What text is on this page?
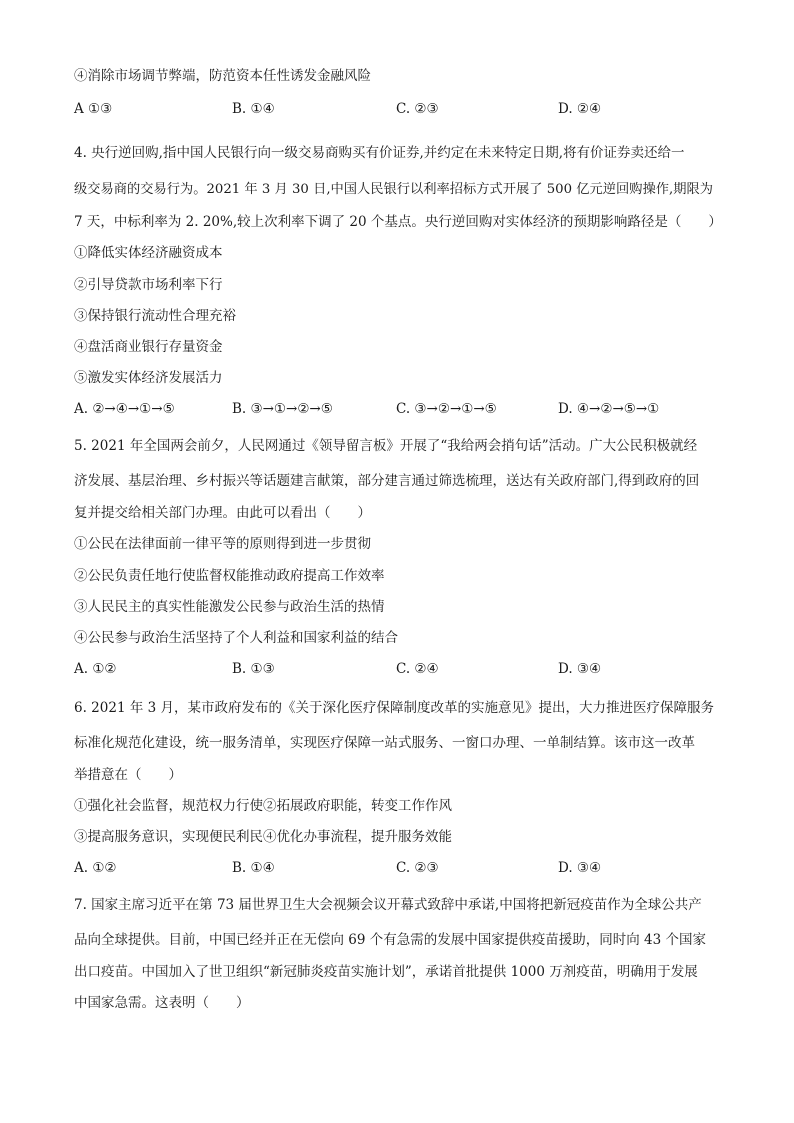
④消除市场调节弊端，防范资本任性诱发金融风险
A ①③	B. ①④	C. ②③	D. ②④
4. 央行逆回购,指中国人民银行向一级交易商购买有价证券,并约定在未来特定日期,将有价证券卖还给一
级交易商的交易行为。2021 年 3 月 30 日,中国人民银行以利率招标方式开展了 500 亿元逆回购操作,期限为
7 天，中标利率为 2. 20%,较上次利率下调了 20 个基点。央行逆回购对实体经济的预期影响路径是（　　）
①降低实体经济融资成本
②引导贷款市场利率下行
③保持银行流动性合理充裕
④盘活商业银行存量资金
⑤激发实体经济发展活力
A. ②→④→①→⑤	B. ③→①→②→⑤	C. ③→②→①→⑤	D. ④→②→⑤→①
5. 2021 年全国两会前夕，人民网通过《领导留言板》开展了“我给两会捎句话”活动。广大公民积极就经
济发展、基层治理、乡村振兴等话题建言献策，部分建言通过筛选梳理，送达有关政府部门,得到政府的回
复并提交给相关部门办理。由此可以看出（　　）
①公民在法律面前一律平等的原则得到进一步贯彻
②公民负责任地行使监督权能推动政府提高工作效率
③人民民主的真实性能激发公民参与政治生活的热情
④公民参与政治生活坚持了个人利益和国家利益的结合
A. ①②	B. ①③	C. ②④	D. ③④
6. 2021 年 3 月，某市政府发布的《关于深化医疗保障制度改革的实施意见》提出，大力推进医疗保障服务
标准化规范化建设，统一服务清单，实现医疗保障一站式服务、一窗口办理、一单制结算。该市这一改革
举措意在（　　）
①强化社会监督，规范权力行使②拓展政府职能，转变工作作风
③提高服务意识，实现便民利民④优化办事流程，提升服务效能
A. ①②	B. ①④	C. ②③	D. ③④
7. 国家主席习近平在第 73 届世界卫生大会视频会议开幕式致辞中承诺,中国将把新冠疫苗作为全球公共产
品向全球提供。目前，中国已经并正在无偿向 69 个有急需的发展中国家提供疫苗援助，同时向 43 个国家
出口疫苗。中国加入了世卫组织“新冠肺炎疫苗实施计划”，承诺首批提供 1000 万剂疫苗，明确用于发展
中国家急需。这表明（　　）
